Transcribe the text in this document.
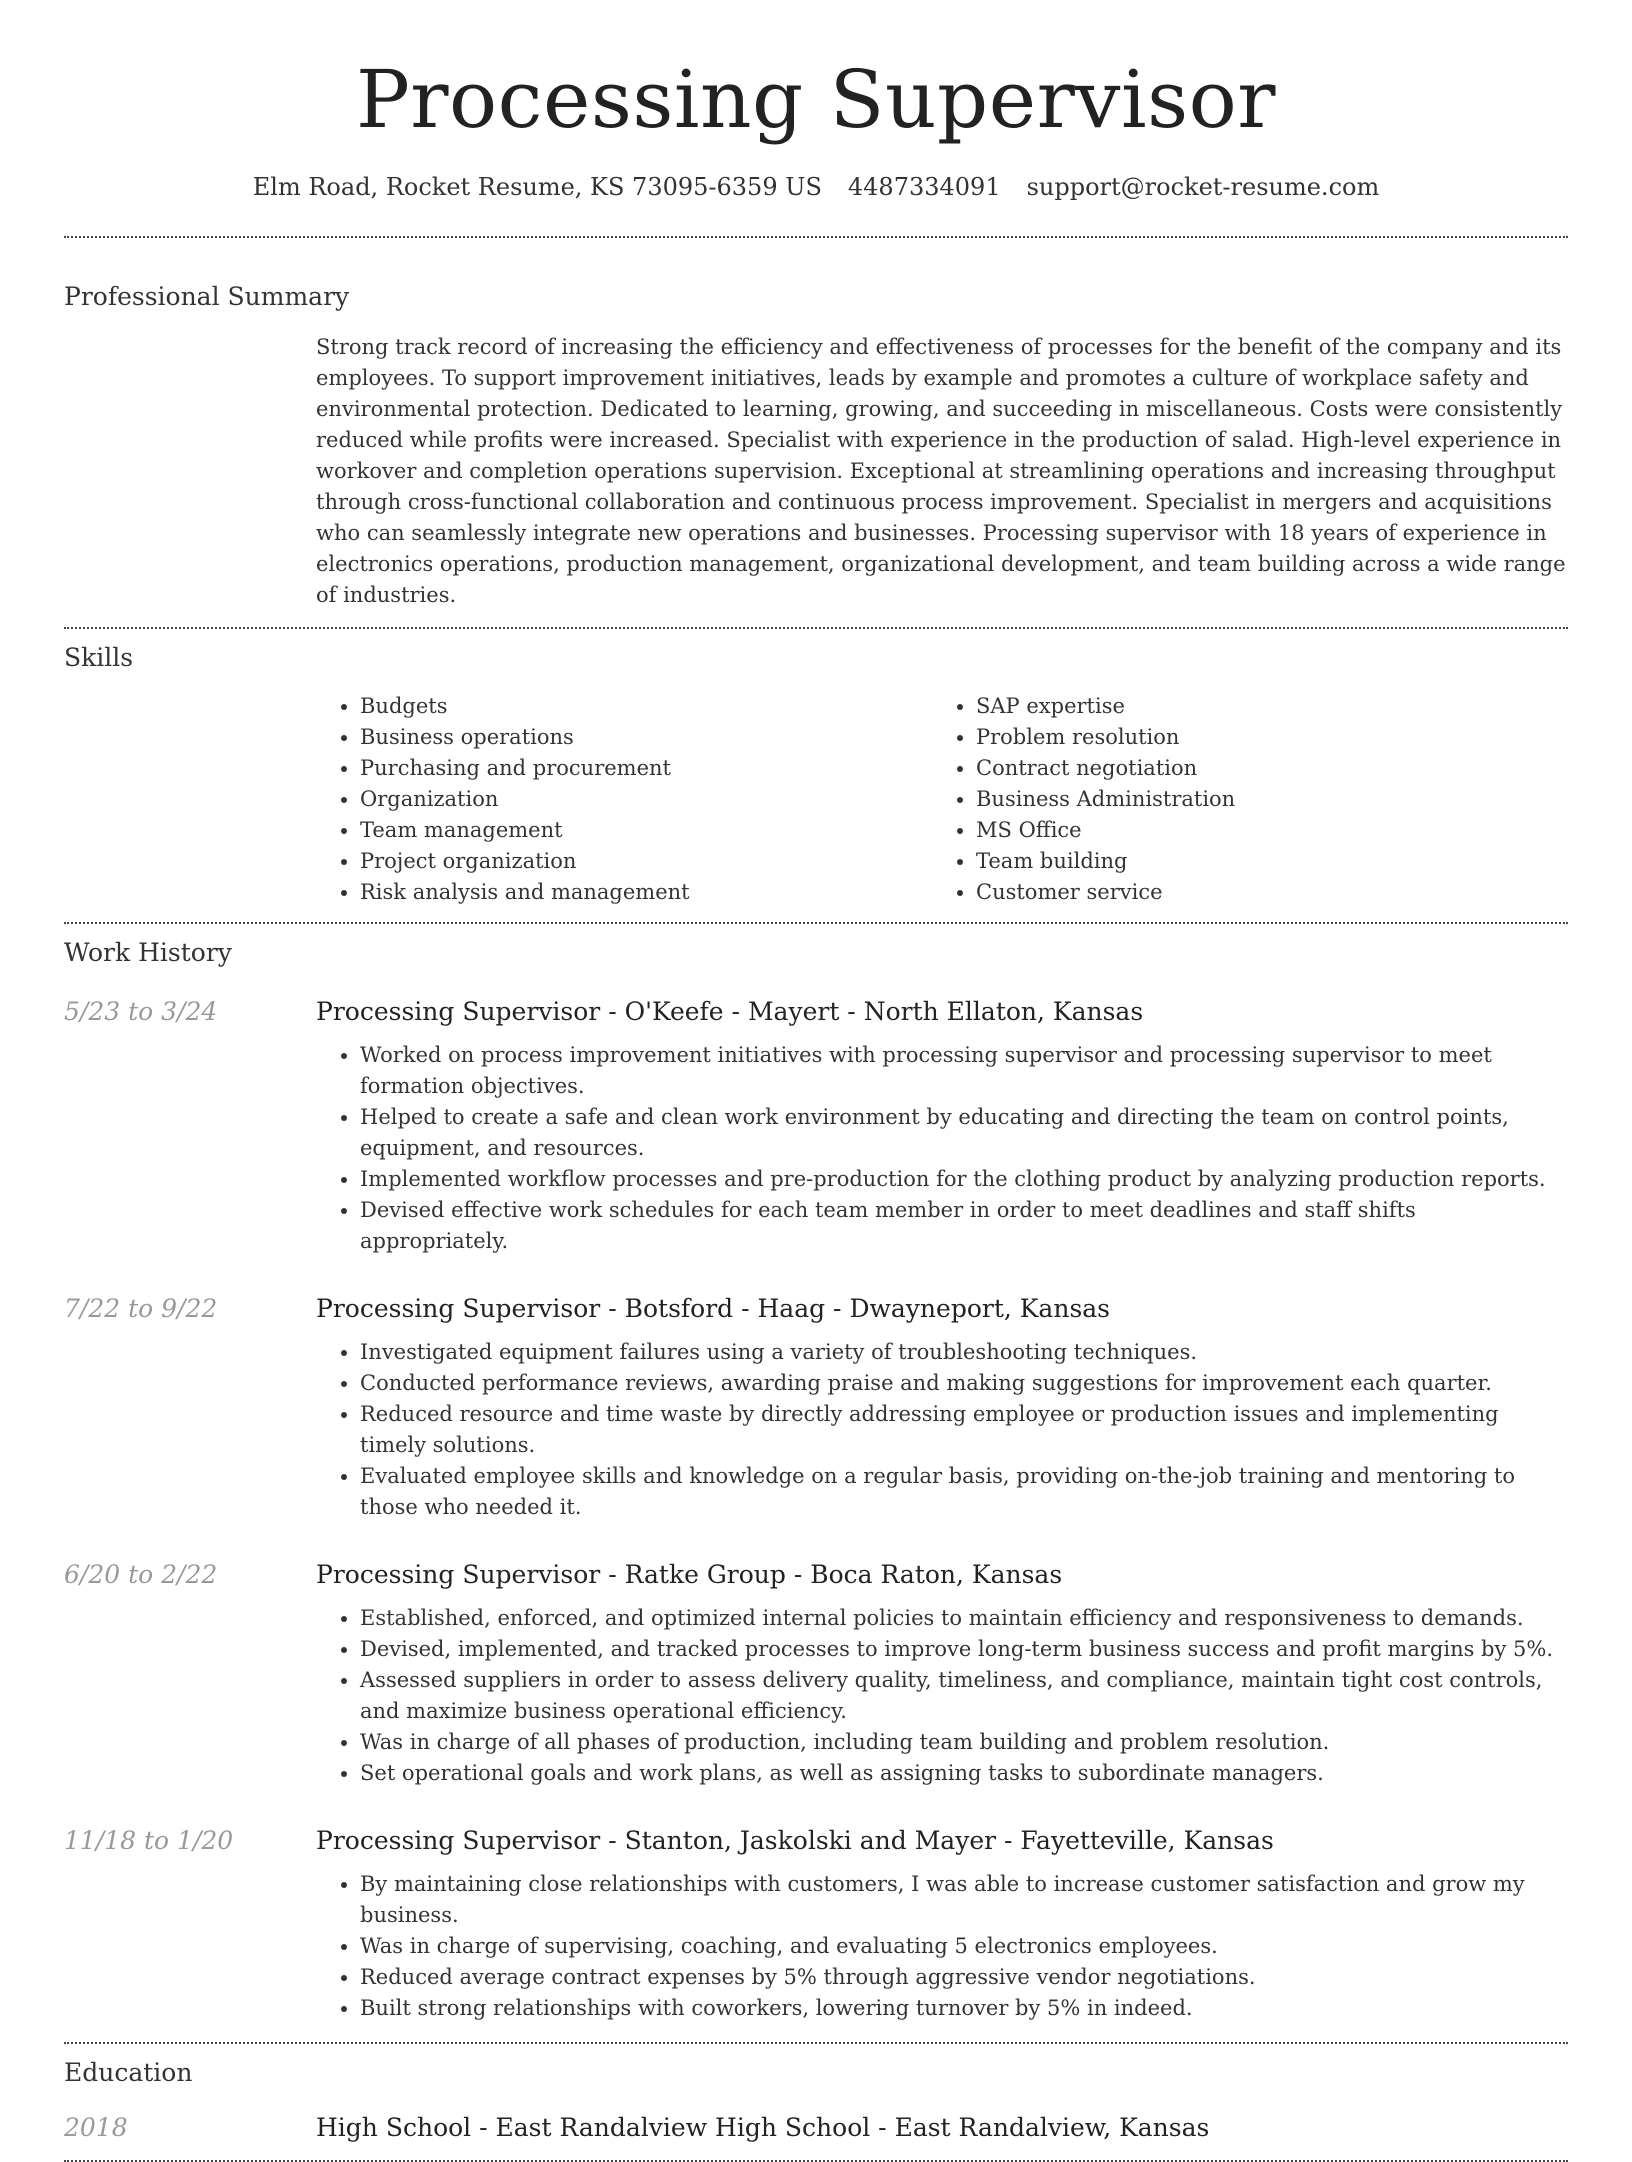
Processing Supervisor
Elm Road, Rocket Resume, KS 73095-6359 US 4487334091 support@rocket-resume.com
Professional Summary

Strong track record of increasing the efficiency and effectiveness of processes for the benefit of the company and its employees. To support improvement initiatives, leads by example and promotes a culture of workplace safety and environmental protection. Dedicated to learning, growing, and succeeding in miscellaneous. Costs were consistently reduced while profits were increased. Specialist with experience in the production of salad. High-level experience in workover and completion operations supervision. Exceptional at streamlining operations and increasing throughput through cross-functional collaboration and continuous process improvement. Specialist in mergers and acquisitions who can seamlessly integrate new operations and businesses. Processing supervisor with 18 years of experience in electronics operations, production management, organizational development, and team building across a wide range of industries.

Skills
• Budgets
• Business operations
• Purchasing and procurement
• Organization
• Team management
• Project organization
• Risk analysis and management
• SAP expertise
• Problem resolution
• Contract negotiation
• Business Administration
• MS Office
• Team building
• Customer service
Work History
5/23 to 3/24	Processing Supervisor - O'Keefe - Mayert - North Ellaton, Kansas
• Worked on process improvement initiatives with processing supervisor and processing supervisor to meet formation objectives.
• Helped to create a safe and clean work environment by educating and directing the team on control points, equipment, and resources.
• Implemented workflow processes and pre-production for the clothing product by analyzing production reports.
• Devised effective work schedules for each team member in order to meet deadlines and staff shifts appropriately.
7/22 to 9/22	Processing Supervisor - Botsford - Haag - Dwayneport, Kansas
• Investigated equipment failures using a variety of troubleshooting techniques.
• Conducted performance reviews, awarding praise and making suggestions for improvement each quarter.
• Reduced resource and time waste by directly addressing employee or production issues and implementing timely solutions.
• Evaluated employee skills and knowledge on a regular basis, providing on-the-job training and mentoring to those who needed it.
6/20 to 2/22	Processing Supervisor - Ratke Group - Boca Raton, Kansas
• Established, enforced, and optimized internal policies to maintain efficiency and responsiveness to demands.
• Devised, implemented, and tracked processes to improve long-term business success and profit margins by 5%.
• Assessed suppliers in order to assess delivery quality, timeliness, and compliance, maintain tight cost controls, and maximize business operational efficiency.
• Was in charge of all phases of production, including team building and problem resolution.
• Set operational goals and work plans, as well as assigning tasks to subordinate managers.
11/18 to 1/20	Processing Supervisor - Stanton, Jaskolski and Mayer - Fayetteville, Kansas
• By maintaining close relationships with customers, I was able to increase customer satisfaction and grow my business.
• Was in charge of supervising, coaching, and evaluating 5 electronics employees.
• Reduced average contract expenses by 5% through aggressive vendor negotiations.
• Built strong relationships with coworkers, lowering turnover by 5% in indeed.
Education
2018	High School - East Randalview High School - East Randalview, Kansas
